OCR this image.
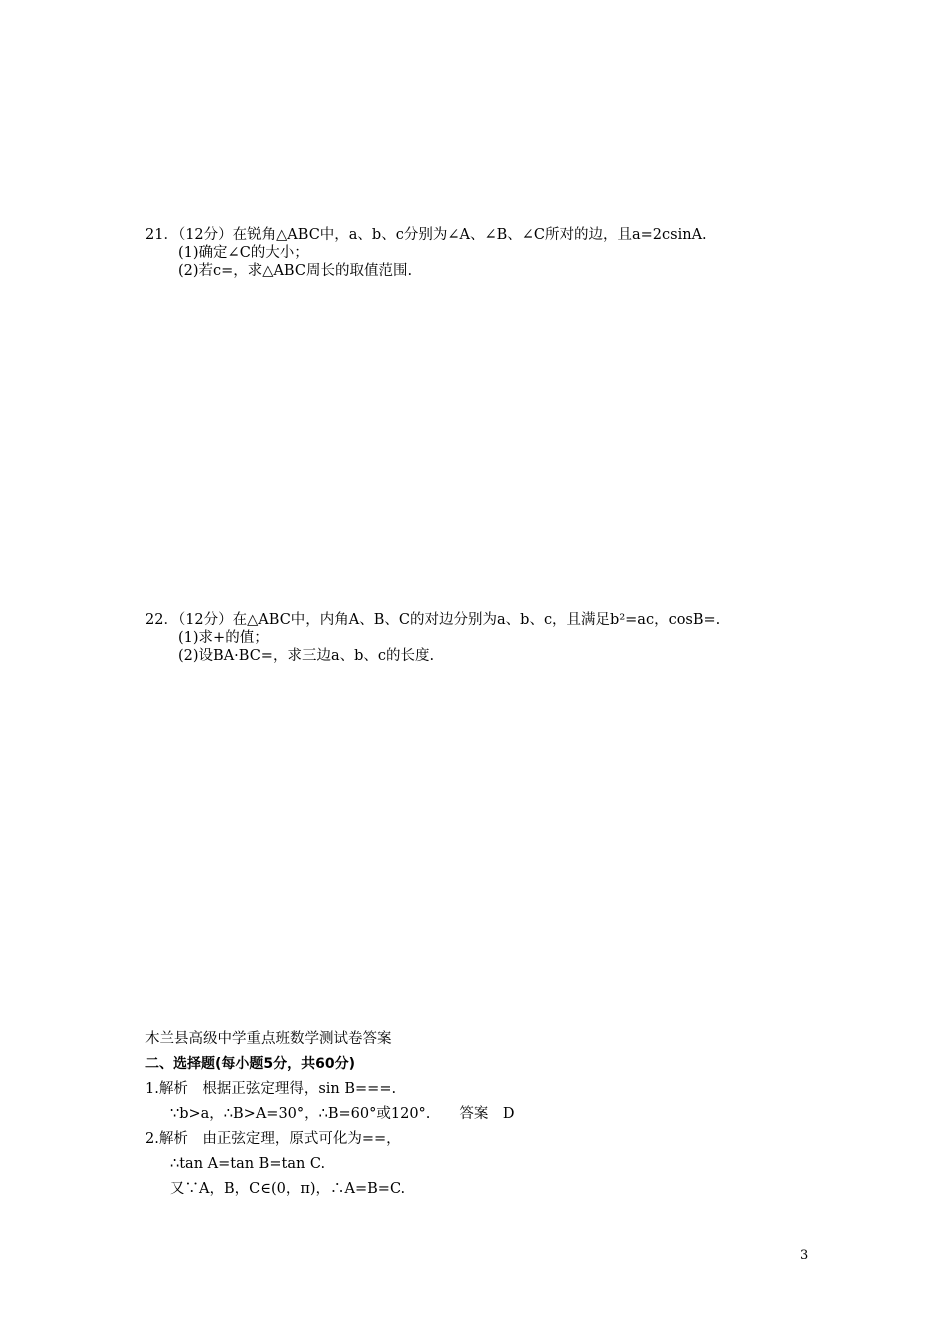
21．（12分）在锐角△ABC中，a、b、c分别为∠A、∠B、∠C所对的边，且a=2csinA.
(1)确定∠C的大小；
(2)若c=，求△ABC周长的取值范围.
22．（12分）在△ABC中，内角A、B、C的对边分别为a、b、c，且满足b²=ac，cosB=.
(1)求+的值；
(2)设BA·BC=，求三边a、b、c的长度.
木兰县高级中学重点班数学测试卷答案
二、选择题(每小题5分，共60分)
1.解析　根据正弦定理得，sin B===.
∵b>a，∴B>A=30°，∴B=60°或120°.　　答案　D
2.解析　由正弦定理，原式可化为==，
∴tan A=tan B=tan C.
又∵A，B，C∈(0，π)，∴A=B=C.
3
